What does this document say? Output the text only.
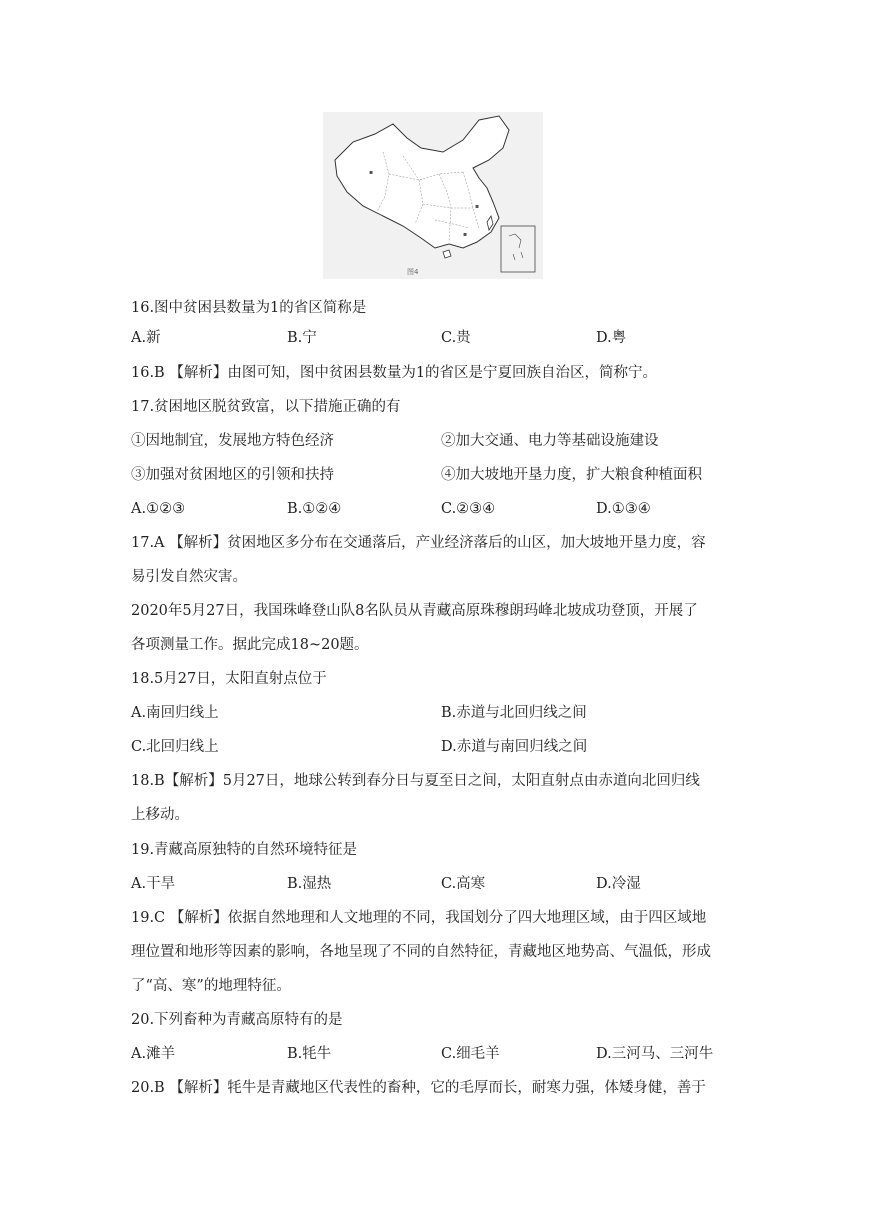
▪
▪
▪
图4
16.图中贫困县数量为1的省区简称是
A.新	B.宁	C.贵	D.粤
16.B 【解析】由图可知，图中贫困县数量为1的省区是宁夏回族自治区，简称宁。
17.贫困地区脱贫致富，以下措施正确的有
①因地制宜，发展地方特色经济	②加大交通、电力等基础设施建设
③加强对贫困地区的引领和扶持	④加大坡地开垦力度，扩大粮食种植面积
A.①②③	B.①②④	C.②③④	D.①③④
17.A 【解析】贫困地区多分布在交通落后，产业经济落后的山区，加大坡地开垦力度，容
易引发自然灾害。
2020年5月27日，我国珠峰登山队8名队员从青藏高原珠穆朗玛峰北坡成功登顶，开展了
各项测量工作。据此完成18~20题。
18.5月27日，太阳直射点位于
A.南回归线上	B.赤道与北回归线之间
C.北回归线上	D.赤道与南回归线之间
18.B【解析】5月27日，地球公转到春分日与夏至日之间，太阳直射点由赤道向北回归线
上移动。
19.青藏高原独特的自然环境特征是
A.干旱	B.湿热	C.高寒	D.冷湿
19.C 【解析】依据自然地理和人文地理的不同，我国划分了四大地理区域，由于四区域地
理位置和地形等因素的影响，各地呈现了不同的自然特征，青藏地区地势高、气温低，形成
了“高、寒”的地理特征。
20.下列畜种为青藏高原特有的是
A.滩羊	B.牦牛	C.细毛羊	D.三河马、三河牛
20.B 【解析】牦牛是青藏地区代表性的畜种，它的毛厚而长，耐寒力强，体矮身健，善于
